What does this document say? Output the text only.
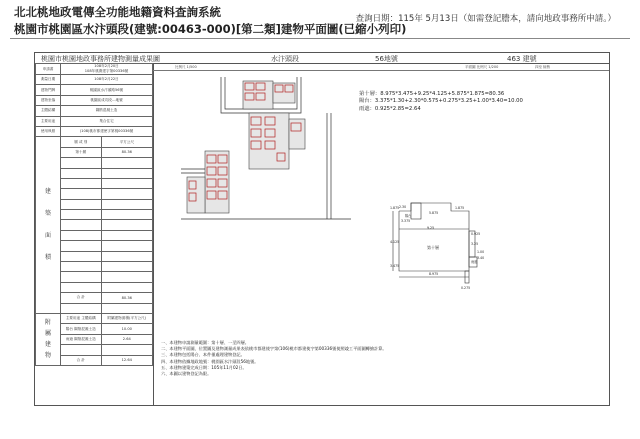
北北桃地政電傳全功能地籍資料查詢系統
桃園市桃園區水汴頭段(建號:00463-000)[第二類]建物平面圖(已縮小列印)
查詢日期：115年 5月13日（如需登記謄本，請向地政事務所申請。）
桃園市桃園地政事務所建物測量成果圖	水汴頭段	56地號	463 建號
申請書	108年2月20日
108年桃測建字第00336號	

測量日期	108年2月22日	
建物門牌	桃園區水汴頭路56號	
建物坐落	桃園區成功段…地號	
主體結構	鋼筋混凝土造	
主要用途	集合住宅	
使用執照	(108)桃市都建使字第桃00336號	

建
築
面
積	層 或 別	平方公尺
	第十層	80.36

	合 計	80.36

附
屬
建
物	主要用途 主體結構	附屬建物面積(平方公尺)
	陽台 鋼筋混凝土造	10.00
	雨遮 鋼筋混凝土造	2.64

	合 計	12.64
比例尺 1/500	平面圖 比例尺 1/200	四至 檢核
第十層：8.975*3.475+9.25*4.125+5.875*1.875=80.36
陽台：3.375*1.30+2.30*0.575+0.275*3.25+1.00*3.40=10.00
雨遮：0.925*2.85=2.64
2.30
5.875
3.375
陽台
9.25
第十層
8.975
3.25
0.925
雨遮
0.275
1.875
4.125
3.475
1.875
1.00
3.40
一、本建物申請測量範圍：第十層、一至四層。
二、本建物平面圖、位置圖及建物測量成果表依桃市都建使字第(106)桃市都建使字第00336號使照竣工平面圖轉繪計算。
三、本建物包括陽台、本件僅處理建物登記。
四、本建物依據地政地號：桃園區水汴頭段56地號。
五、本建物建築完成日期：105年11月02日。
六、本圖以建物登記為限。
